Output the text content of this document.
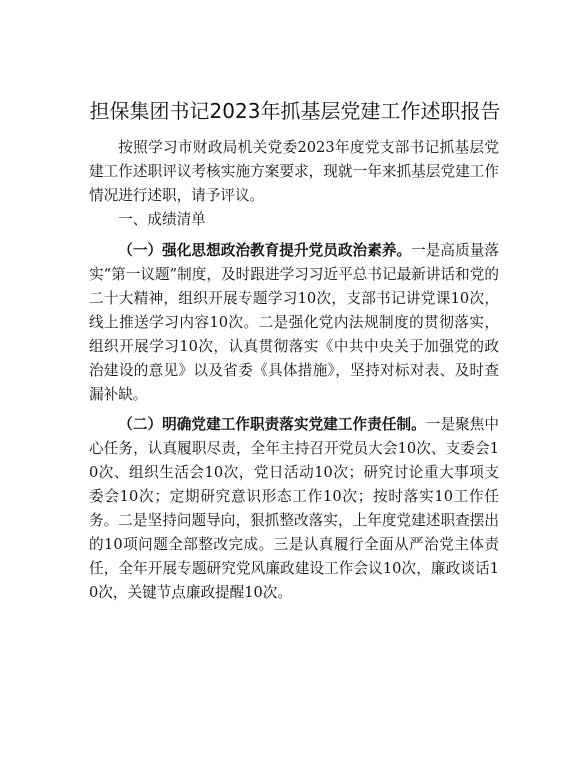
担保集团书记2023年抓基层党建工作述职报告

按照学习市财政局机关党委2023年度党支部书记抓基层党建工作述职评议考核实施方案要求，现就一年来抓基层党建工作情况进行述职，请予评议。

一、成绩清单

（一）强化思想政治教育提升党员政治素养。一是高质量落实“第一议题”制度，及时跟进学习习近平总书记最新讲话和党的二十大精神，组织开展专题学习10次，支部书记讲党课10次，线上推送学习内容10次。二是强化党内法规制度的贯彻落实，组织开展学习10次，认真贯彻落实《中共中央关于加强党的政治建设的意见》以及省委《具体措施》，坚持对标对表、及时查漏补缺。

（二）明确党建工作职责落实党建工作责任制。一是聚焦中心任务，认真履职尽责，全年主持召开党员大会10次、支委会10次、组织生活会10次，党日活动10次；研究讨论重大事项支委会10次；定期研究意识形态工作10次；按时落实10工作任务。二是坚持问题导向，狠抓整改落实，上年度党建述职查摆出的10项问题全部整改完成。三是认真履行全面从严治党主体责任，全年开展专题研究党风廉政建设工作会议10次，廉政谈话10次，关键节点廉政提醒10次。
